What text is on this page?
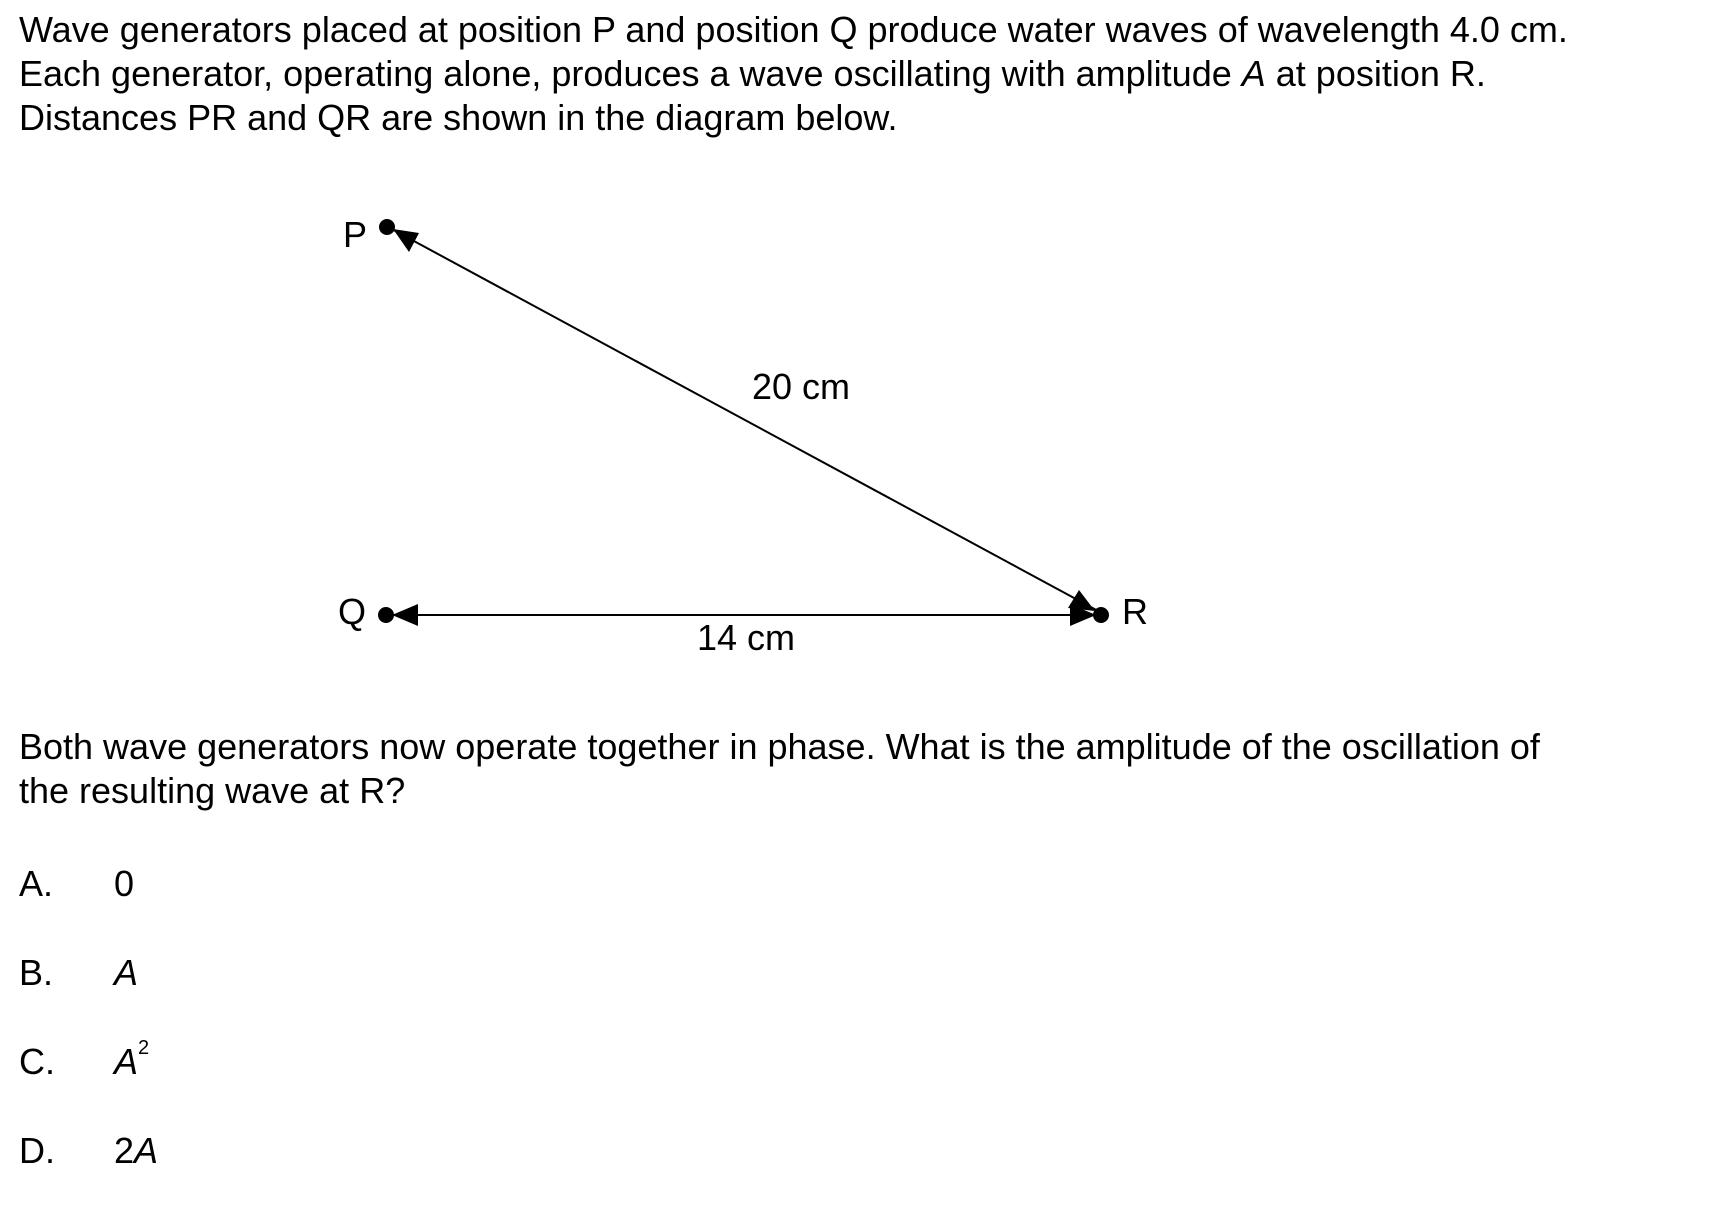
Wave generators placed at position P and position Q produce water waves of wavelength 4.0 cm.
Each generator, operating alone, produces a wave oscillating with amplitude A at position R.
Distances PR and QR are shown in the diagram below.
P
Q	R
20 cm
14 cm
Both wave generators now operate together in phase. What is the amplitude of the oscillation of
the resulting wave at R?
A. 0
B. A
C. $A^2$
D. 2A
